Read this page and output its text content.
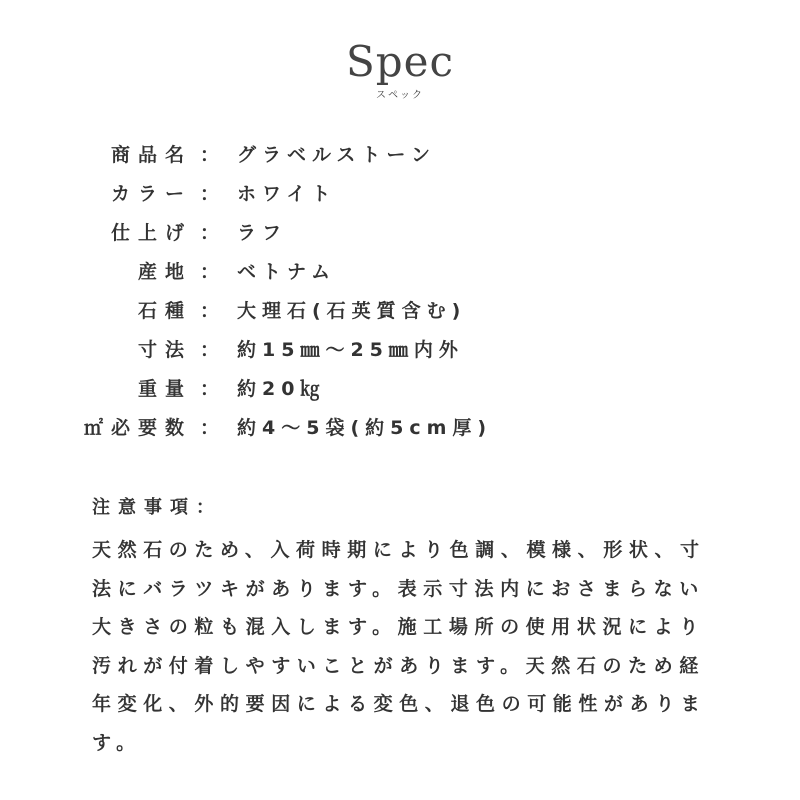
Spec
スペック
商品名 ： グラベルストーン
カラー ： ホワイト
仕上げ ： ラフ
産地 ： ベトナム
石種 ： 大理石(石英質含む)
寸法 ： 約15㎜～25㎜内外
重量 ： 約20㎏
㎡必要数 ： 約4～5袋(約5cm厚)
注意事項：
天然石のため、入荷時期により色調、模様、形状、寸
法にバラツキがあります。表示寸法内におさまらない
大きさの粒も混入します。施工場所の使用状況により
汚れが付着しやすいことがあります。天然石のため経
年変化、外的要因による変色、退色の可能性がありま
す。
